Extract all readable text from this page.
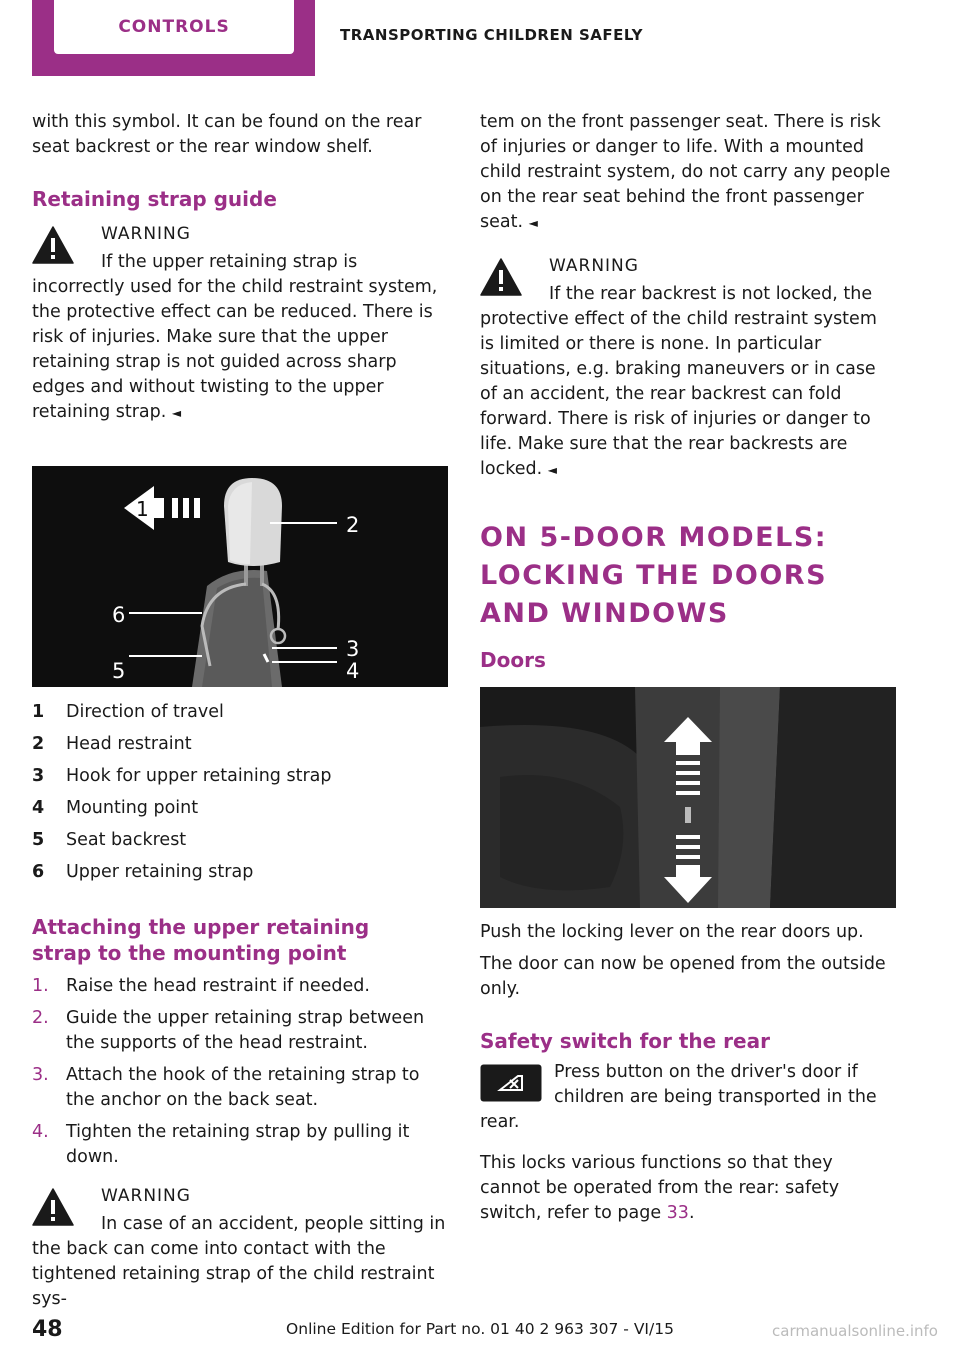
CONTROLS	TRANSPORTING CHILDREN SAFELY

with this symbol. It can be found on the rear seat backrest or the rear window shelf.

Retaining strap guide
WARNING

If the upper retaining strap is incorrectly used for the child restraint system, the protective effect can be reduced. There is risk of injuries. Make sure that the upper retaining strap is not guided across sharp edges and without twisting to the upper retaining strap. ◄

1
2
3
4
5
6
1	Direction of travel
2	Head restraint
3	Hook for upper retaining strap
4	Mounting point
5	Seat backrest
6	Upper retaining strap
Attaching the upper retaining strap to the mounting point
1. Raise the head restraint if needed.
2. Guide the upper retaining strap between the supports of the head restraint.
3. Attach the hook of the retaining strap to the anchor on the back seat.
4. Tighten the retaining strap by pulling it down.
WARNING

In case of an accident, people sitting in the back can come into contact with the tightened retaining strap of the child restraint sys-

tem on the front passenger seat. There is risk of injuries or danger to life. With a mounted child restraint system, do not carry any people on the rear seat behind the front passenger seat. ◄

WARNING

If the rear backrest is not locked, the protective effect of the child restraint system is limited or there is none. In particular situations, e.g. braking maneuvers or in case of an accident, the rear backrest can fold forward. There is risk of injuries or danger to life. Make sure that the rear backrests are locked. ◄

ON 5-DOOR MODELS: LOCKING THE DOORS AND WINDOWS
Doors

Push the locking lever on the rear doors up.

The door can now be opened from the outside only.

Safety switch for the rear

Press button on the driver's door if children are being transported in the rear.

This locks various functions so that they cannot be operated from the rear: safety switch, refer to page 33.

48	Online Edition for Part no. 01 40 2 963 307 - VI/15	carmanualsonline.info
